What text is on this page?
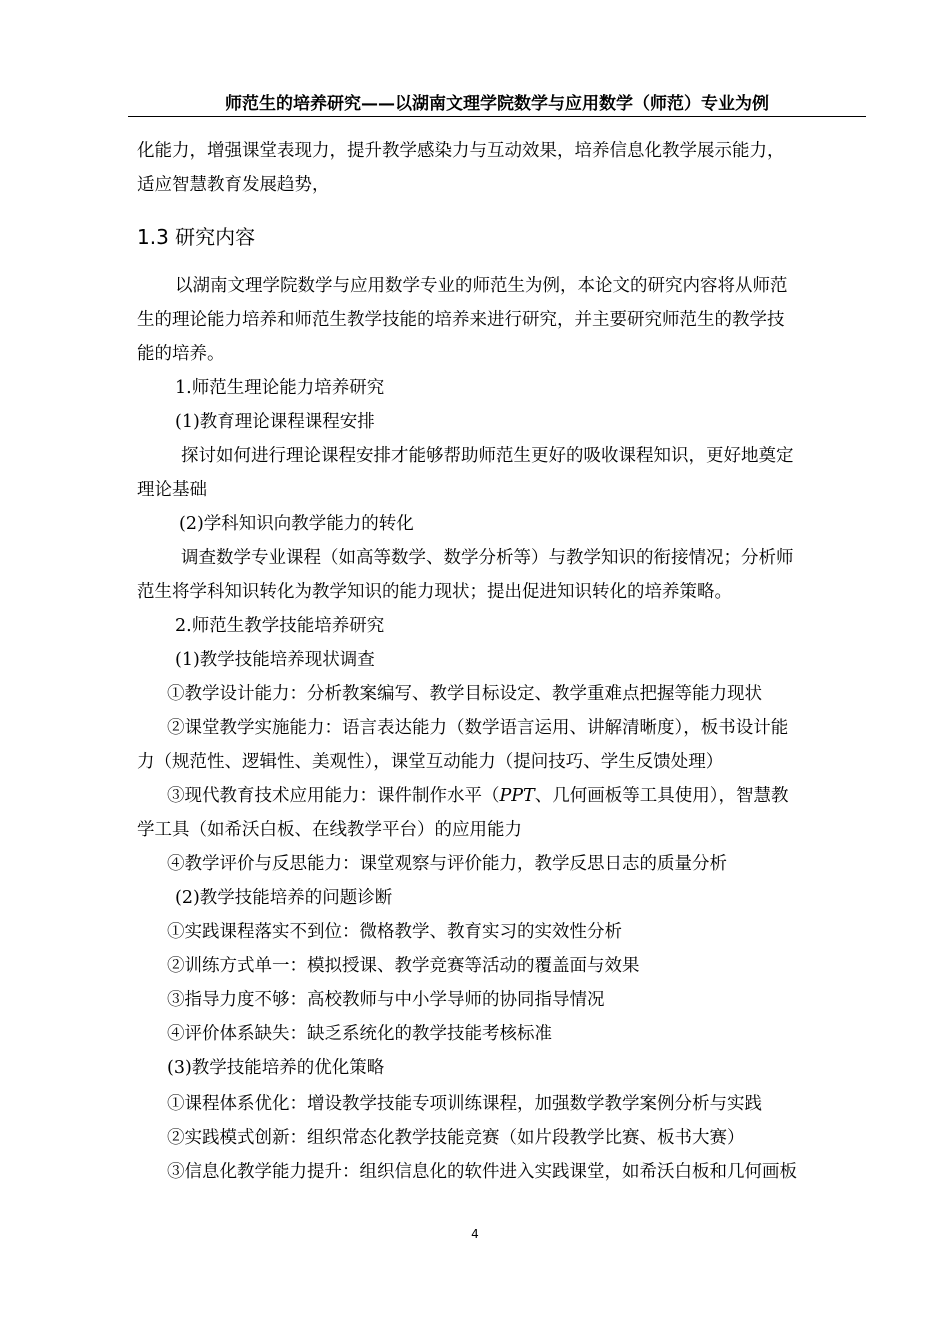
师范生的培养研究——以湖南文理学院数学与应用数学（师范）专业为例
化能力，增强课堂表现力，提升教学感染力与互动效果，培养信息化教学展示能力，
适应智慧教育发展趋势，
1.3 研究内容
以湖南文理学院数学与应用数学专业的师范生为例，本论文的研究内容将从师范
生的理论能力培养和师范生教学技能的培养来进行研究，并主要研究师范生的教学技
能的培养。
1.师范生理论能力培养研究
(1)教育理论课程课程安排
探讨如何进行理论课程安排才能够帮助师范生更好的吸收课程知识，更好地奠定
理论基础
(2)学科知识向教学能力的转化
调查数学专业课程（如高等数学、数学分析等）与教学知识的衔接情况；分析师
范生将学科知识转化为教学知识的能力现状；提出促进知识转化的培养策略。
2.师范生教学技能培养研究
(1)教学技能培养现状调查
①教学设计能力：分析教案编写、教学目标设定、教学重难点把握等能力现状
②课堂教学实施能力：语言表达能力（数学语言运用、讲解清晰度），板书设计能
力（规范性、逻辑性、美观性），课堂互动能力（提问技巧、学生反馈处理）
③现代教育技术应用能力：课件制作水平（PPT、几何画板等工具使用），智慧教
学工具（如希沃白板、在线教学平台）的应用能力
④教学评价与反思能力：课堂观察与评价能力，教学反思日志的质量分析
(2)教学技能培养的问题诊断
①实践课程落实不到位：微格教学、教育实习的实效性分析
②训练方式单一：模拟授课、教学竞赛等活动的覆盖面与效果
③指导力度不够：高校教师与中小学导师的协同指导情况
④评价体系缺失：缺乏系统化的教学技能考核标准
(3)教学技能培养的优化策略
①课程体系优化：增设教学技能专项训练课程，加强数学教学案例分析与实践
②实践模式创新：组织常态化教学技能竞赛（如片段教学比赛、板书大赛）
③信息化教学能力提升：组织信息化的软件进入实践课堂，如希沃白板和几何画板
4
